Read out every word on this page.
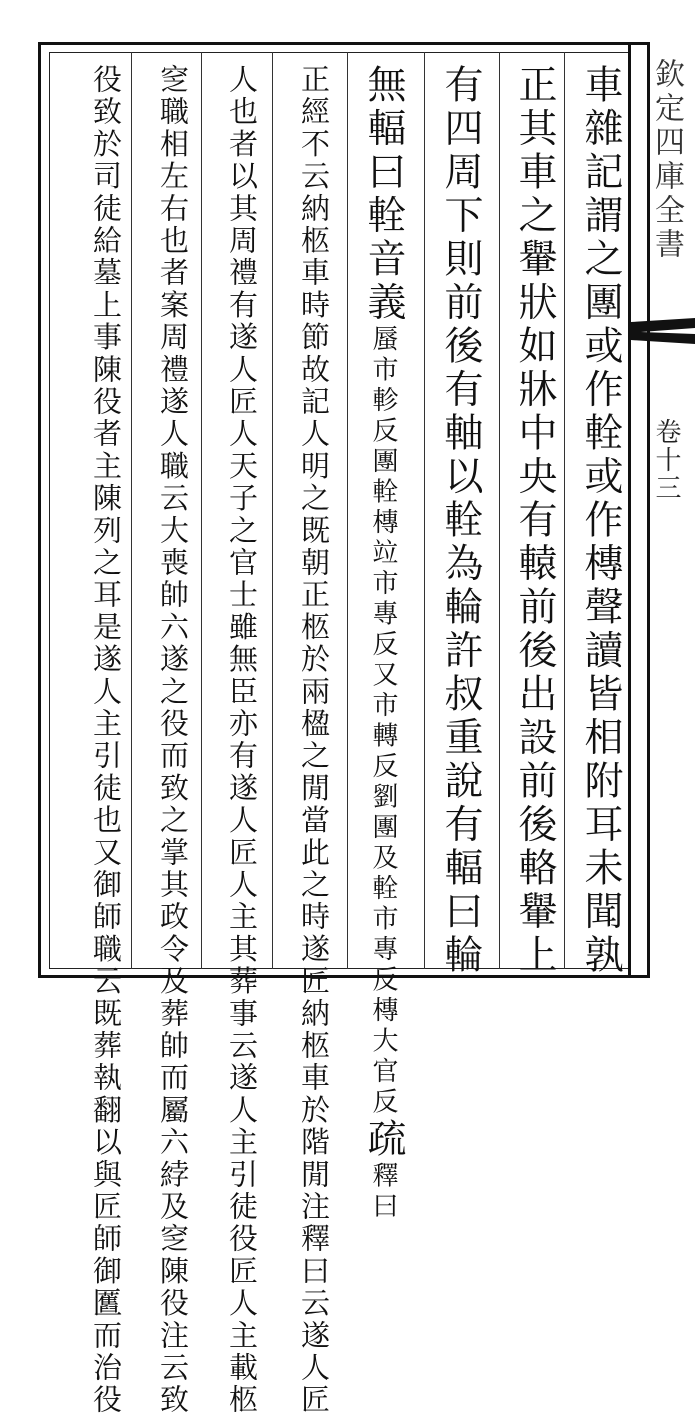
欽定四庫全書
卷十三
車雜記謂之團或作輇或作槫聲讀皆相附耳未聞孰
正其車之轝狀如牀中央有轅前後出設前後輅轝上
有四周下則前後有軸以輇為輪許叔重說有輻曰輪
無輻曰輇音義蜃市軫反團輇槫竝市專反又市轉反劉團及輇市專反槫大官反疏釋曰
正經不云納柩車時節故記人明之既朝正柩於兩楹之閒當此之時遂匠納柩車於階閒注釋曰云遂人匠
人也者以其周禮有遂人匠人天子之官士雖無臣亦有遂人匠人主其葬事云遂人主引徒役匠人主載柩
窆職相左右也者案周禮遂人職云大喪帥六遂之役而致之掌其政令及葬帥而屬六綍及窆陳役注云致
役致於司徒給墓上事陳役者主陳列之耳是遂人主引徒也又御師職云既葬執翻以與匠師御匶而治役
